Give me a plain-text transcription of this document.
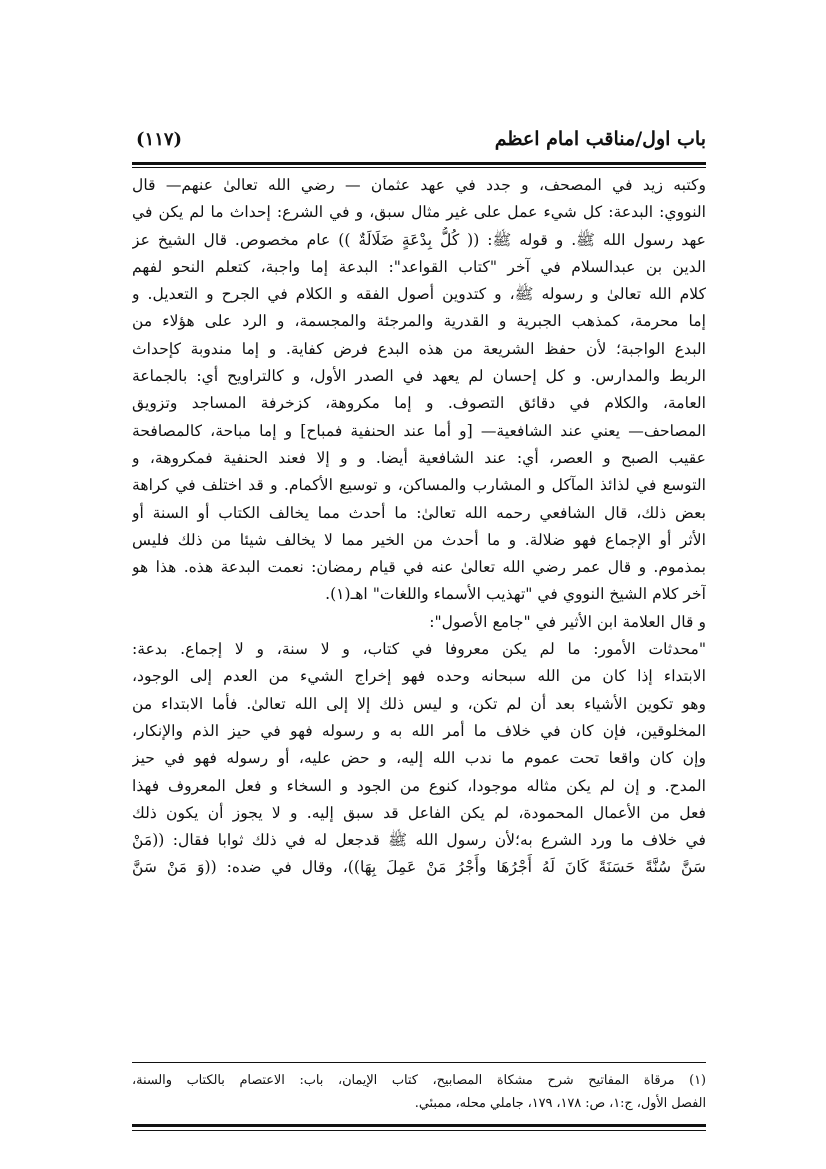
باب اول/مناقب امام اعظم
(۱۱۷)
وكتبه زيد في المصحف، و جدد في عهد عثمان — رضي الله تعالىٰ عنهم— قال
النووي: البدعة: كل شيء عمل على غير مثال سبق، و في الشرع: إحداث ما لم يكن في
عهد رسول الله ﷺ. و قوله ﷺ: (( كُلُّ بِدْعَةٍ ضَلَالَةٌ )) عام مخصوص. قال الشيخ عز
الدين بن عبدالسلام في آخر "كتاب القواعد": البدعة إما واجبة، كتعلم النحو لفهم
كلام الله تعالىٰ و رسوله ﷺ، و كتدوين أصول الفقه و الكلام في الجرح و التعديل. و
إما محرمة، كمذهب الجبرية و القدرية والمرجئة والمجسمة، و الرد على هؤلاء من
البدع الواجبة؛ لأن حفظ الشريعة من هذه البدع فرض كفاية. و إما مندوبة كإحداث
الربط والمدارس. و كل إحسان لم يعهد في الصدر الأول، و كالتراويح أي: بالجماعة
العامة، والكلام في دقائق التصوف. و إما مكروهة، كزخرفة المساجد وتزويق
المصاحف— يعني عند الشافعية— [و أما عند الحنفية فمباح] و إما مباحة، كالمصافحة
عقيب الصبح و العصر، أي: عند الشافعية أيضا. و و إلا فعند الحنفية فمكروهة، و
التوسع في لذائذ المآكل و المشارب والمساكن، و توسيع الأكمام. و قد اختلف في كراهة
بعض ذلك، قال الشافعي رحمه الله تعالىٰ: ما أحدث مما يخالف الكتاب أو السنة أو
الأثر أو الإجماع فهو ضلالة. و ما أحدث من الخير مما لا يخالف شيئا من ذلك فليس
بمذموم. و قال عمر رضي الله تعالىٰ عنه في قيام رمضان: نعمت البدعة هذه. هذا هو
آخر كلام الشيخ النووي في "تهذيب الأسماء واللغات" اهـ(۱).
و قال العلامة ابن الأثير في "جامع الأصول":
"محدثات الأمور: ما لم يكن معروفا في كتاب، و لا سنة، و لا إجماع. بدعة:
الابتداء إذا كان من الله سبحانه وحده فهو إخراج الشيء من العدم إلى الوجود،
وهو تكوين الأشياء بعد أن لم تكن، و ليس ذلك إلا إلى الله تعالىٰ. فأما الابتداء من
المخلوقين، فإن كان في خلاف ما أمر الله به و رسوله فهو في حيز الذم والإنكار،
وإن كان واقعا تحت عموم ما ندب الله إليه، و حض عليه، أو رسوله فهو في حيز
المدح. و إن لم يكن مثاله موجودا، كنوع من الجود و السخاء و فعل المعروف فهذا
فعل من الأعمال المحمودة، لم يكن الفاعل قد سبق إليه. و لا يجوز أن يكون ذلك
في خلاف ما ورد الشرع به؛لأن رسول الله ﷺ قدجعل له في ذلك ثوابا فقال: ((مَنْ
سَنَّ سُنَّةً حَسَنَةً كَانَ لَهُ أَجْرُهَا وأَجْرُ مَنْ عَمِلَ بِهَا))، وقال في ضده: ((وَ مَنْ سَنَّ
(۱) مرقاة المفاتيح شرح مشكاة المصابيح، كتاب الإيمان، باب: الاعتصام بالكتاب والسنة،
الفصل الأول، ج:١، ص: ١٧٨، ١٧٩، جاملي محله، ممبئي.
